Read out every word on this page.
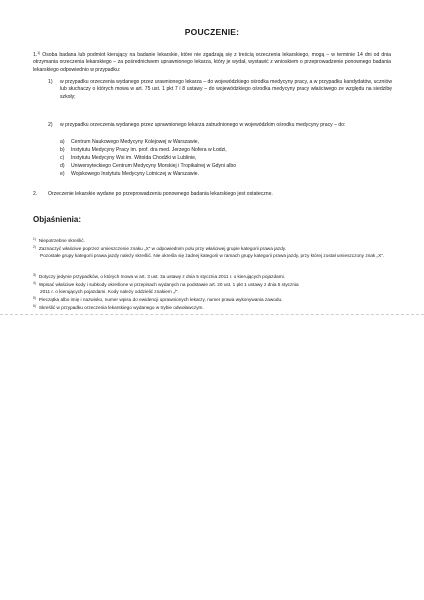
POUCZENIE:
1.$^{1)}$ Osoba badana lub podmiot kierujący na badanie lekarskie, które nie zgadzają się z treścią orzeczenia lekarskiego, mogą – w terminie 14 dni od dnia otrzymania orzeczenia lekarskiego – za pośrednictwem uprawnionego lekarza, który je wydał, wystawić z wnioskiem o przeprowadzenie ponownego badania lekarskiego odpowiednio w przypadku:
1) w przypadku orzeczenia wydanego przez urawnionego lekarza – do wojewódzkiego ośrodka medycyny pracy, a w przypadku kandydatów, uczniów lub słuchaczy o których mowa w art. 75 ust. 1 pkt 7 i 8 ustawy – do wojewódzkiego ośrodka medycyny pracy właściwego ze względu na siedzibę szkoły;
2) w przypadku orzeczenia wydanego przez uprawnionego lekarza zatrudnionego w wojewódzkim ośrodku medycyny pracy – do:
a) Centrum Naukowego Medycyny Kolejowej w Warszawie,
b) Instytutu Medycyny Pracy im. prof. dra med. Jerzego Nofera w Łodzi,
c) Instytutu Medycyny Wsi im. Witolda Chodźki w Lublinie,
d) Uniwersyteckiego Centrum Medycyny Morskiej i Tropikalnej w Gdyni albo
e) Wojskowego Instytutu Medycyny Lotniczej w Warszawie.
2. Orzeczenie lekarskie wydane po przeprowadzeniu ponownego badania lekarskiego jest ostateczne.
Objaśnienia:
$^{1)}$ Niepotrzebne skreślić.
$^{2)}$ Zaznaczyć właściwe poprzez umieszczenie znaku „X” w odpowiednim polu przy właściwej grupie kategorii prawa jazdy.
Pozostałe grupy kategorii prawa jazdy należy skreślić. Nie określa się żadnej kategorii w ramach grupy kategorii prawa jazdy, przy której został umieszczony znak „X”.
$^{3)}$ Dotyczy jedynie przypadków, o których mowa w art. 3 ust. 3a ustawy z dnia 5 stycznia 2011 r. o kierujących pojazdami.
$^{4)}$ Wpisać właściwe kody i subkody określone w przepisach wydanych na podstawie art. 20 ust. 1 pkt 1 ustawy z dnia 5 stycznia
2011 r. o kierujących pojazdami. Kody należy oddzielić znakiem „/”.
$^{5)}$ Pieczątka albo imię i nazwisko, numer wpisu do ewidencji uprawnionych lekarzy, numer prawa wykonywania zawodu.
$^{6)}$ Skreślić w przypadku orzeczenia lekarskiego wydanego w trybie odwoławczym.
